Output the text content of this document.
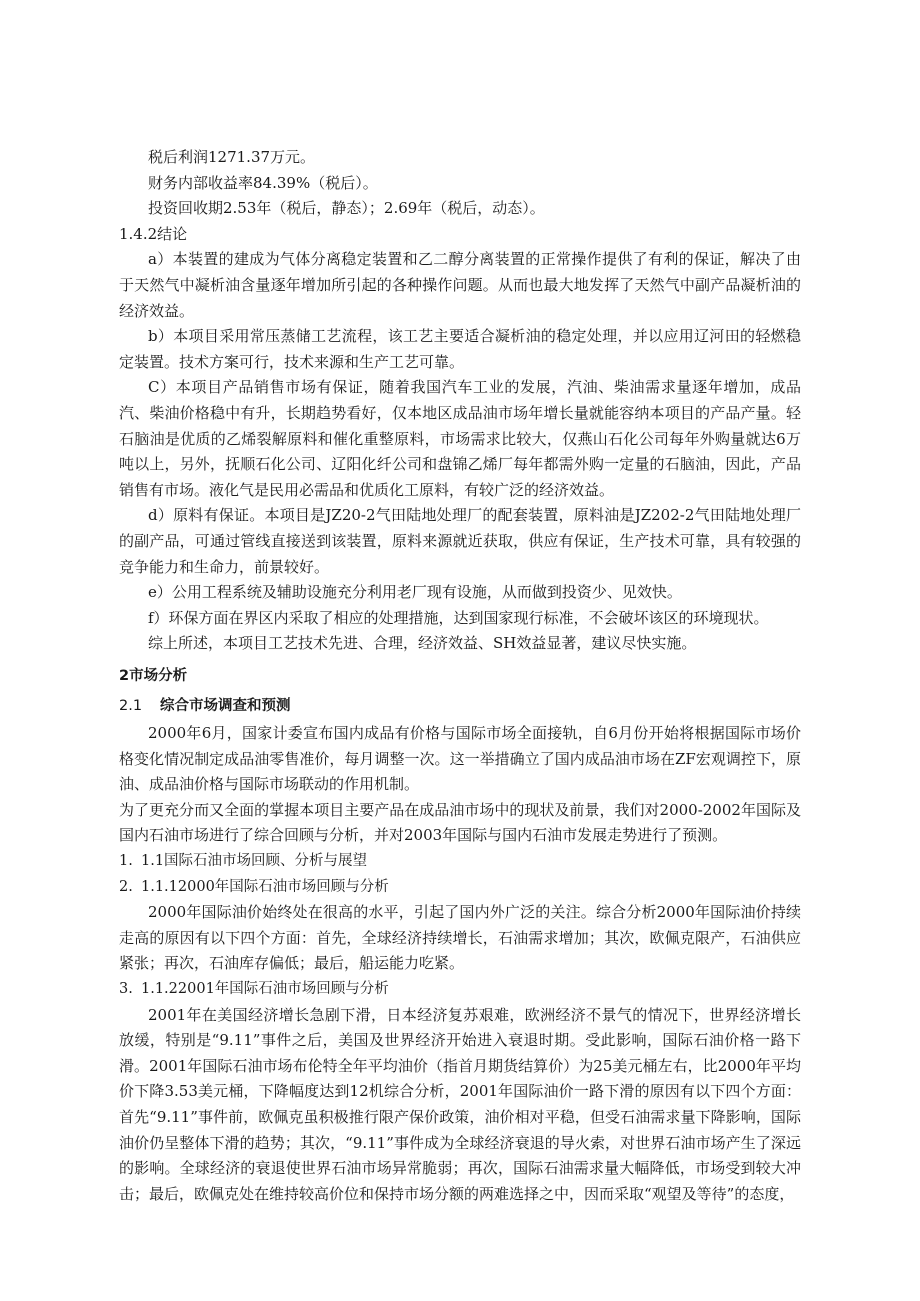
税后利润1271.37万元。

财务内部收益率84.39%（税后）。

投资回收期2.53年（税后，静态）；2.69年（税后，动态）。

1.4.2结论

a）本装置的建成为气体分离稳定装置和乙二醇分离装置的正常操作提供了有利的保证，解决了由于天然气中凝析油含量逐年增加所引起的各种操作问题。从而也最大地发挥了天然气中副产品凝析油的经济效益。

b）本项目采用常压蒸储工艺流程，该工艺主要适合凝析油的稳定处理，并以应用辽河田的轻燃稳定装置。技术方案可行，技术来源和生产工艺可靠。

C）本项目产品销售市场有保证，随着我国汽车工业的发展，汽油、柴油需求量逐年增加，成品汽、柴油价格稳中有升，长期趋势看好，仅本地区成品油市场年增长量就能容纳本项目的产品产量。轻石脑油是优质的乙烯裂解原料和催化重整原料，市场需求比较大，仅燕山石化公司每年外购量就达6万吨以上，另外，抚顺石化公司、辽阳化纤公司和盘锦乙烯厂每年都需外购一定量的石脑油，因此，产品销售有市场。液化气是民用必需品和优质化工原料，有较广泛的经济效益。

d）原料有保证。本项目是JZ20-2气田陆地处理厂的配套装置，原料油是JZ202-2气田陆地处理厂的副产品，可通过管线直接送到该装置，原料来源就近获取，供应有保证，生产技术可靠，具有较强的竞争能力和生命力，前景较好。

e）公用工程系统及辅助设施充分利用老厂现有设施，从而做到投资少、见效快。

f）环保方面在界区内采取了相应的处理措施，达到国家现行标准，不会破坏该区的环境现状。

综上所述，本项目工艺技术先进、合理，经济效益、SH效益显著，建议尽快实施。

2市场分析

2.1 综合市场调查和预测

2000年6月，国家计委宣布国内成品有价格与国际市场全面接轨，自6月份开始将根据国际市场价格变化情况制定成品油零售准价，每月调整一次。这一举措确立了国内成品油市场在ZF宏观调控下，原油、成品油价格与国际市场联动的作用机制。

为了更充分而又全面的掌握本项目主要产品在成品油市场中的现状及前景，我们对2000-2002年国际及国内石油市场进行了综合回顾与分析，并对2003年国际与国内石油市发展走势进行了预测。

1. 1.1国际石油市场回顾、分析与展望

2. 1.1.12000年国际石油市场回顾与分析

2000年国际油价始终处在很高的水平，引起了国内外广泛的关注。综合分析2000年国际油价持续走高的原因有以下四个方面：首先，全球经济持续增长，石油需求增加；其次，欧佩克限产，石油供应紧张；再次，石油库存偏低；最后，船运能力吃紧。

3. 1.1.22001年国际石油市场回顾与分析

2001年在美国经济增长急剧下滑，日本经济复苏艰难，欧洲经济不景气的情况下，世界经济增长放缓，特别是“9.11”事件之后，美国及世界经济开始进入衰退时期。受此影响，国际石油价格一路下滑。2001年国际石油市场布伦特全年平均油价（指首月期货结算价）为25美元桶左右，比2000年平均价下降3.53美元桶，下降幅度达到12机综合分析，2001年国际油价一路下滑的原因有以下四个方面：首先“9.11”事件前，欧佩克虽积极推行限产保价政策，油价相对平稳，但受石油需求量下降影响，国际油价仍呈整体下滑的趋势；其次，“9.11”事件成为全球经济衰退的导火索，对世界石油市场产生了深远的影响。全球经济的衰退使世界石油市场异常脆弱；再次，国际石油需求量大幅降低，市场受到较大冲击；最后，欧佩克处在维持较高价位和保持市场分额的两难选择之中，因而采取“观望及等待”的态度，
